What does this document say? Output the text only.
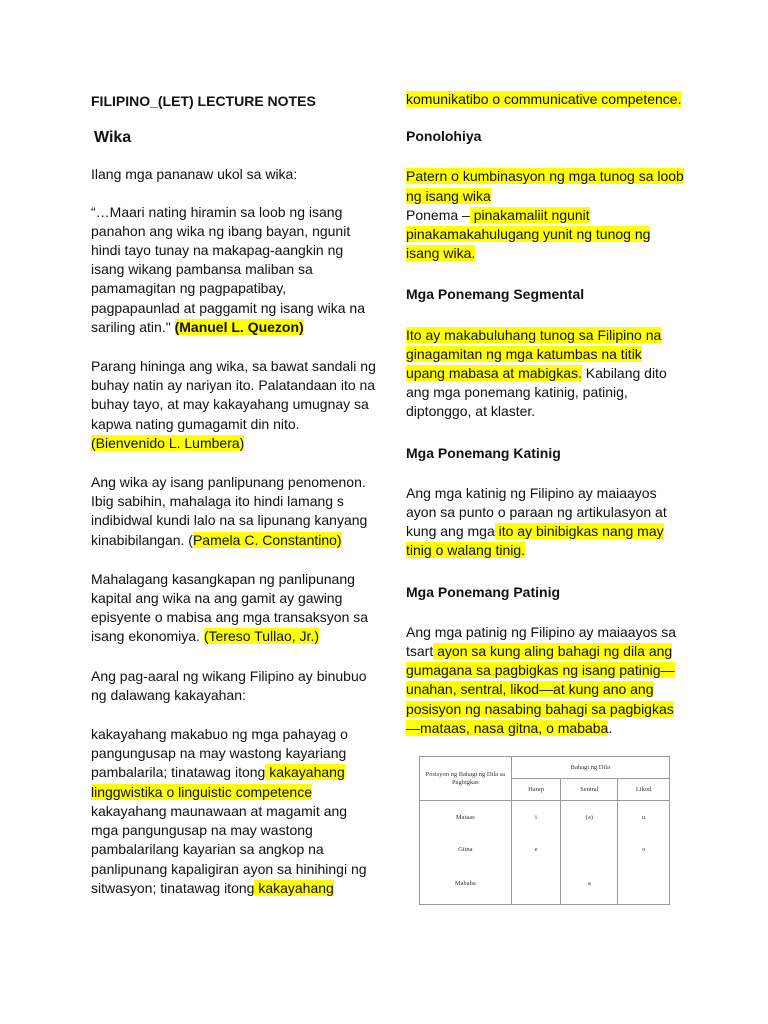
FILIPINO_(LET) LECTURE NOTES

Wika

Ilang mga pananaw ukol sa wika:

“…Maari nating hiramin sa loob ng isang panahon ang wika ng ibang bayan, ngunit hindi tayo tunay na makapag-aangkin ng isang wikang pambansa maliban sa pamamagitan ng pagpapatibay, pagpapaunlad at paggamit ng isang wika na sariling atin." (Manuel L. Quezon)

Parang hininga ang wika, sa bawat sandali ng buhay natin ay nariyan ito. Palatandaan ito na buhay tayo, at may kakayahang umugnay sa kapwa nating gumagamit din nito. (Bienvenido L. Lumbera)

Ang wika ay isang panlipunang penomenon. Ibig sabihin, mahalaga ito hindi lamang s indibidwal kundi lalo na sa lipunang kanyang kinabibilangan. (Pamela C. Constantino)

Mahalagang kasangkapan ng panlipunang kapital ang wika na ang gamit ay gawing episyente o mabisa ang mga transaksyon sa isang ekonomiya. (Tereso Tullao, Jr.)

Ang pag-aaral ng wikang Filipino ay binubuo ng dalawang kakayahan:

kakayahang makabuo ng mga pahayag o pangungusap na may wastong kayariang pambalarila; tinatawag itong kakayahang linggwistika o linguistic competence

kakayahang maunawaan at magamit ang mga pangungusap na may wastong pambalarilang kayarian sa angkop na panlipunang kapaligiran ayon sa hinihingi ng sitwasyon; tinatawag itong kakayahang

komunikatibo o communicative competence.

Ponolohiya

Patern o kumbinasyon ng mga tunog sa loob ng isang wika

Ponema – pinakamaliit ngunit pinakamakahulugang yunit ng tunog ng isang wika.

Mga Ponemang Segmental

Ito ay makabuluhang tunog sa Filipino na ginagamitan ng mga katumbas na titik upang mabasa at mabigkas. Kabilang dito ang mga ponemang katinig, patinig, diptonggo, at klaster.

Mga Ponemang Katinig

Ang mga katinig ng Filipino ay maiaayos ayon sa punto o paraan ng artikulasyon at kung ang mga ito ay binibigkas nang may tinig o walang tinig.

Mga Ponemang Patinig

Ang mga patinig ng Filipino ay maiaayos sa tsart ayon sa kung aling bahagi ng dila ang gumagana sa pagbigkas ng isang patinig—unahan, sentral, likod—at kung ano ang posisyon ng nasabing bahagi sa pagbigkas—mataas, nasa gitna, o mababa.

Posisyon ng Bahagi ng Dila sa Pagbigkas	Bahagi ng Dila		
	Harap	Sentral	Likod
Mataas	i	(ə)	u
Gitna	e		o
Mababa		a	
